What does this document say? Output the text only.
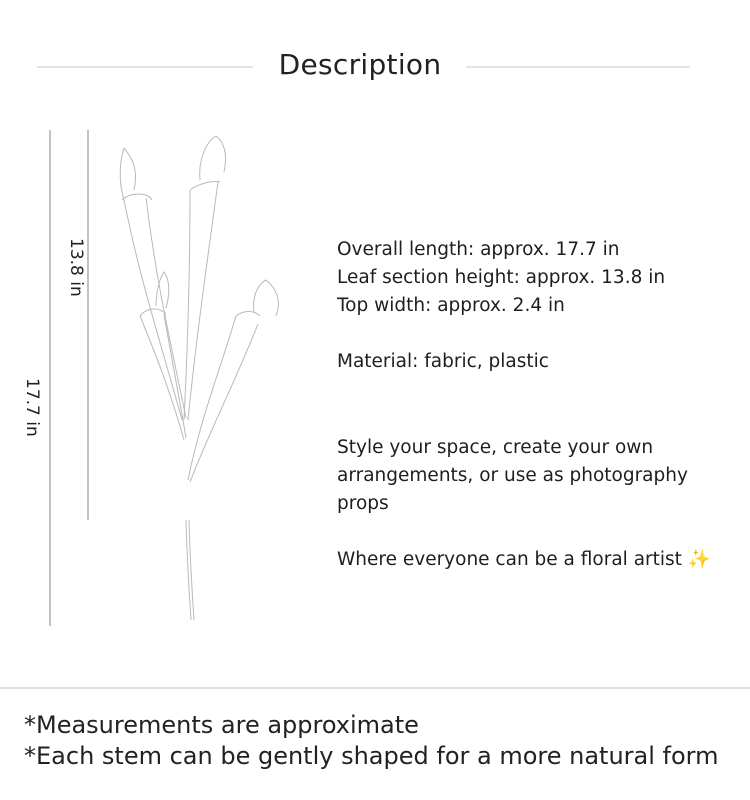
Description
13.8 in
17.7 in
Overall length: approx. 17.7 in
Leaf section height: approx. 13.8 in
Top width: approx. 2.4 in
Material: fabric, plastic
Style your space, create your own arrangements, or use as photography props
Where everyone can be a floral artist ✨
*Measurements are approximate
*Each stem can be gently shaped for a more natural form
